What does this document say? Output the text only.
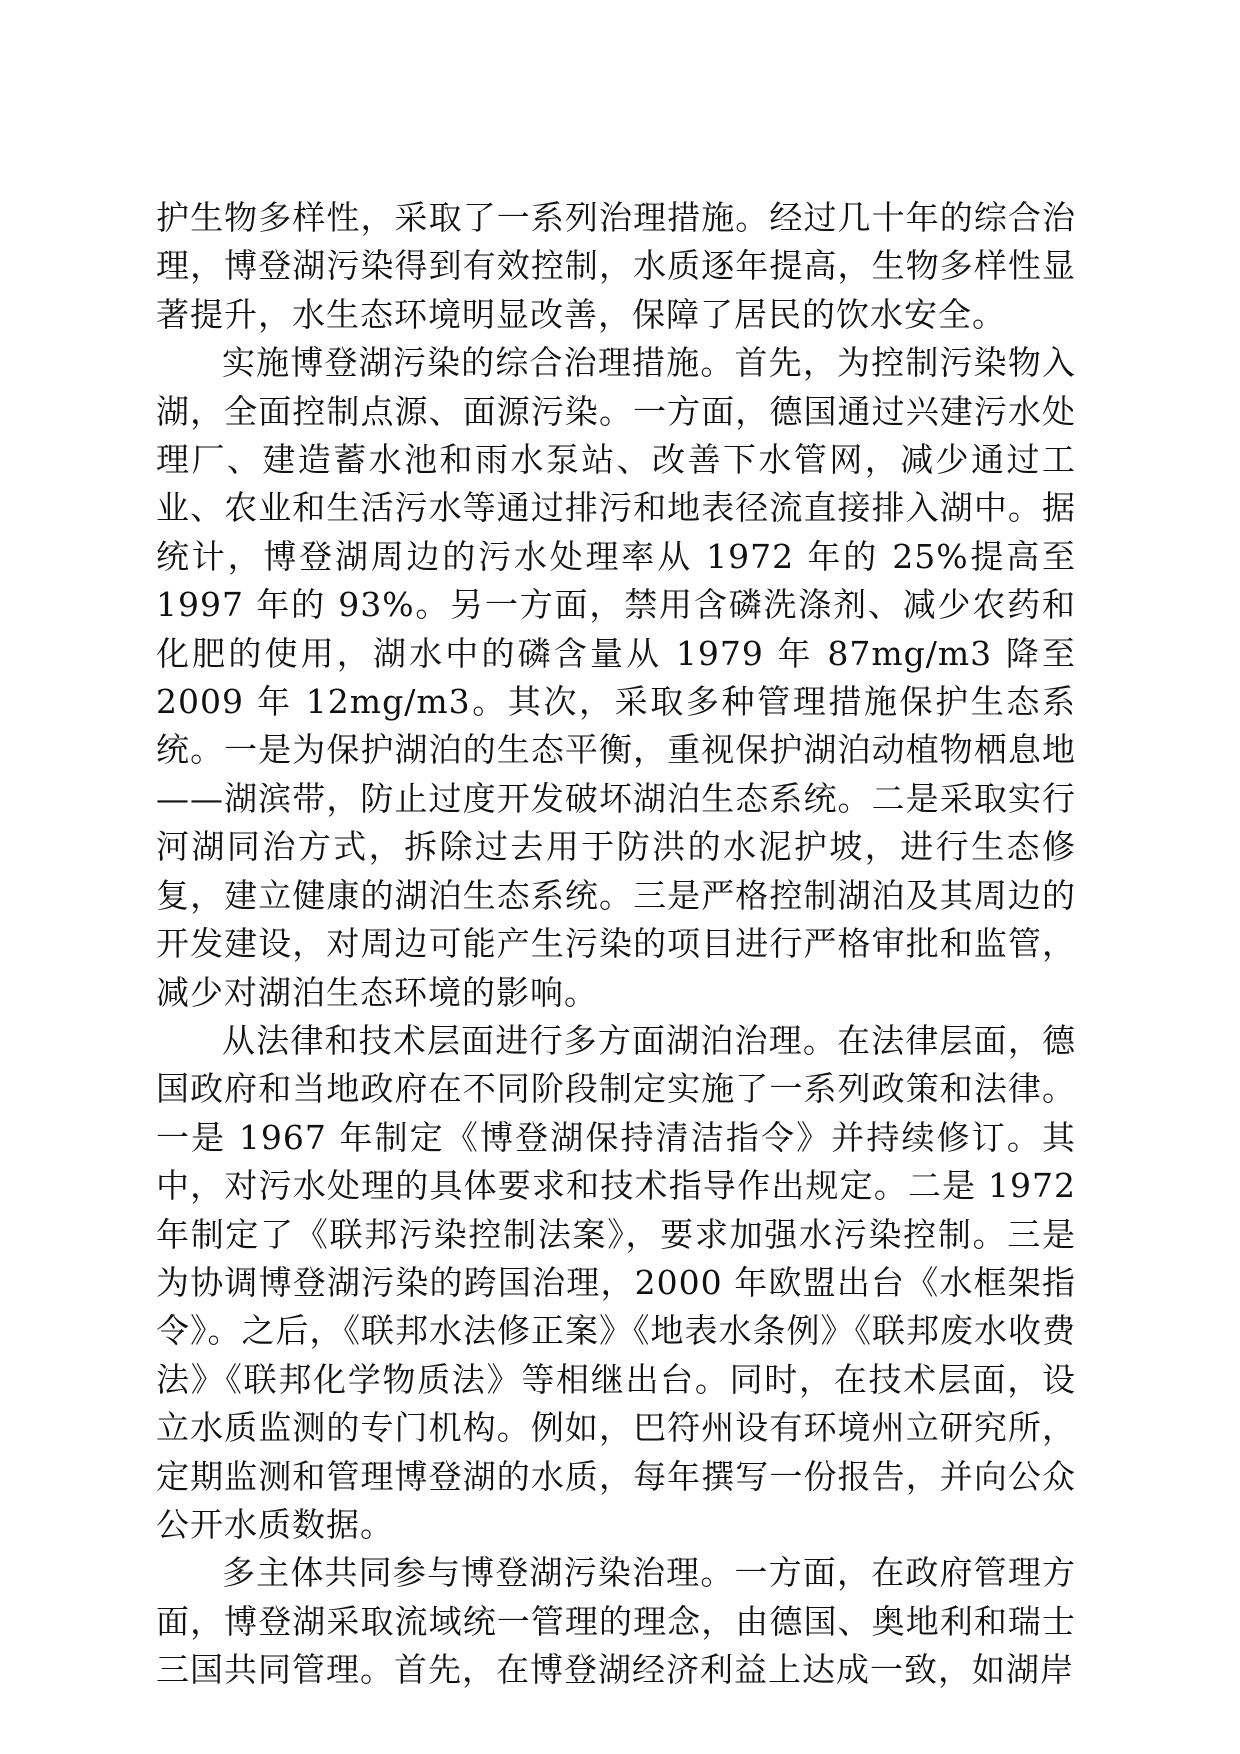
护生物多样性，采取了一系列治理措施。经过几十年的综合治理，博登湖污染得到有效控制，水质逐年提高，生物多样性显著提升，水生态环境明显改善，保障了居民的饮水安全。

实施博登湖污染的综合治理措施。首先，为控制污染物入湖，全面控制点源、面源污染。一方面，德国通过兴建污水处理厂、建造蓄水池和雨水泵站、改善下水管网，减少通过工业、农业和生活污水等通过排污和地表径流直接排入湖中。据统计，博登湖周边的污水处理率从 1972 年的 25%提高至 1997 年的 93%。另一方面，禁用含磷洗涤剂、减少农药和化肥的使用，湖水中的磷含量从 1979 年 87mg/m3 降至 2009 年 12mg/m3。其次，采取多种管理措施保护生态系统。一是为保护湖泊的生态平衡，重视保护湖泊动植物栖息地——湖滨带，防止过度开发破坏湖泊生态系统。二是采取实行河湖同治方式，拆除过去用于防洪的水泥护坡，进行生态修复，建立健康的湖泊生态系统。三是严格控制湖泊及其周边的开发建设，对周边可能产生污染的项目进行严格审批和监管，减少对湖泊生态环境的影响。

从法律和技术层面进行多方面湖泊治理。在法律层面，德国政府和当地政府在不同阶段制定实施了一系列政策和法律。一是 1967 年制定《博登湖保持清洁指令》并持续修订。其中，对污水处理的具体要求和技术指导作出规定。二是 1972 年制定了《联邦污染控制法案》，要求加强水污染控制。三是为协调博登湖污染的跨国治理，2000 年欧盟出台《水框架指令》。之后，《联邦水法修正案》《地表水条例》《联邦废水收费法》《联邦化学物质法》等相继出台。同时，在技术层面，设立水质监测的专门机构。例如，巴符州设有环境州立研究所，定期监测和管理博登湖的水质，每年撰写一份报告，并向公众公开水质数据。

多主体共同参与博登湖污染治理。一方面，在政府管理方面，博登湖采取流域统一管理的理念，由德国、奥地利和瑞士三国共同管理。首先，在博登湖经济利益上达成一致，如湖岸
